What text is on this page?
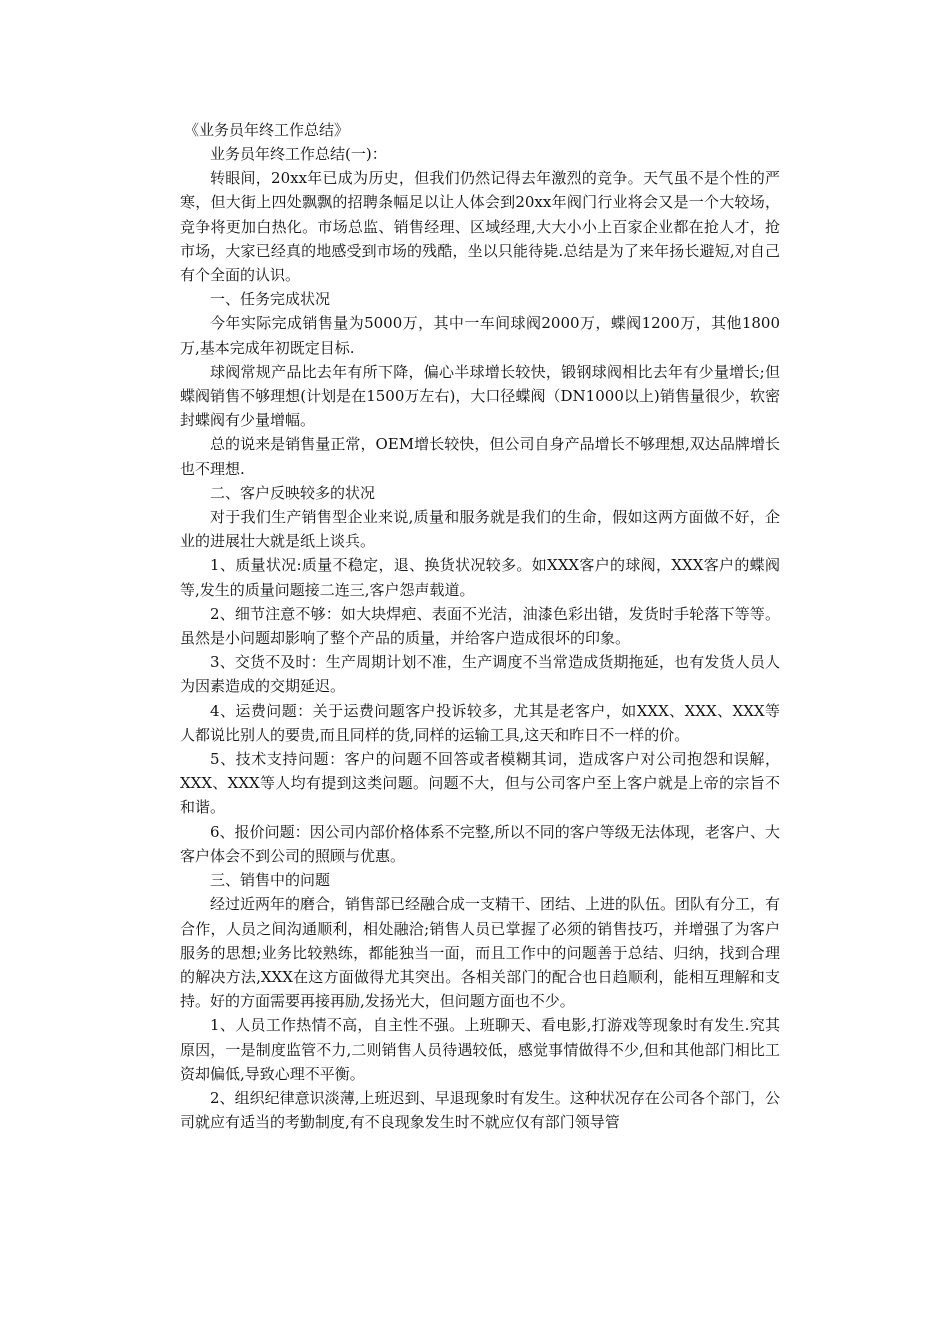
《业务员年终工作总结》
业务员年终工作总结(一)：

转眼间，20xx年已成为历史，但我们仍然记得去年激烈的竞争。天气虽不是个性的严寒，但大街上四处飘飘的招聘条幅足以让人体会到20xx年阀门行业将会又是一个大较场，竞争将更加白热化。市场总监、销售经理、区域经理,大大小小上百家企业都在抢人才，抢市场，大家已经真的地感受到市场的残酷，坐以只能待毙.总结是为了来年扬长避短,对自己有个全面的认识。

一、任务完成状况

今年实际完成销售量为5000万，其中一车间球阀2000万，蝶阀1200万，其他1800万,基本完成年初既定目标.

球阀常规产品比去年有所下降，偏心半球增长较快，锻钢球阀相比去年有少量增长;但蝶阀销售不够理想(计划是在1500万左右)，大口径蝶阀（DN1000以上)销售量很少，软密封蝶阀有少量增幅。

总的说来是销售量正常，OEM增长较快，但公司自身产品增长不够理想,双达品牌增长也不理想.

二、客户反映较多的状况

对于我们生产销售型企业来说,质量和服务就是我们的生命，假如这两方面做不好，企业的进展壮大就是纸上谈兵。

1、质量状况:质量不稳定，退、换货状况较多。如XXX客户的球阀，XXX客户的蝶阀等,发生的质量问题接二连三,客户怨声载道。

2、细节注意不够：如大块焊疤、表面不光洁，油漆色彩出错，发货时手轮落下等等。虽然是小问题却影响了整个产品的质量，并给客户造成很坏的印象。

3、交货不及时：生产周期计划不准，生产调度不当常造成货期拖延，也有发货人员人为因素造成的交期延迟。

4、运费问题：关于运费问题客户投诉较多，尤其是老客户，如XXX、XXX、XXX等人都说比别人的要贵,而且同样的货,同样的运输工具,这天和昨日不一样的价。

5、技术支持问题：客户的问题不回答或者模糊其词，造成客户对公司抱怨和误解，XXX、XXX等人均有提到这类问题。问题不大，但与公司客户至上客户就是上帝的宗旨不和谐。

6、报价问题：因公司内部价格体系不完整,所以不同的客户等级无法体现，老客户、大客户体会不到公司的照顾与优惠。

三、销售中的问题

经过近两年的磨合，销售部已经融合成一支精干、团结、上进的队伍。团队有分工，有合作，人员之间沟通顺利，相处融洽;销售人员已掌握了必须的销售技巧，并增强了为客户服务的思想;业务比较熟练，都能独当一面，而且工作中的问题善于总结、归纳，找到合理的解决方法,XXX在这方面做得尤其突出。各相关部门的配合也日趋顺利，能相互理解和支持。好的方面需要再接再励,发扬光大，但问题方面也不少。

1、人员工作热情不高，自主性不强。上班聊天、看电影,打游戏等现象时有发生.究其原因，一是制度监管不力,二则销售人员待遇较低，感觉事情做得不少,但和其他部门相比工资却偏低,导致心理不平衡。

2、组织纪律意识淡薄,上班迟到、早退现象时有发生。这种状况存在公司各个部门，公司就应有适当的考勤制度,有不良现象发生时不就应仅有部门领导管
